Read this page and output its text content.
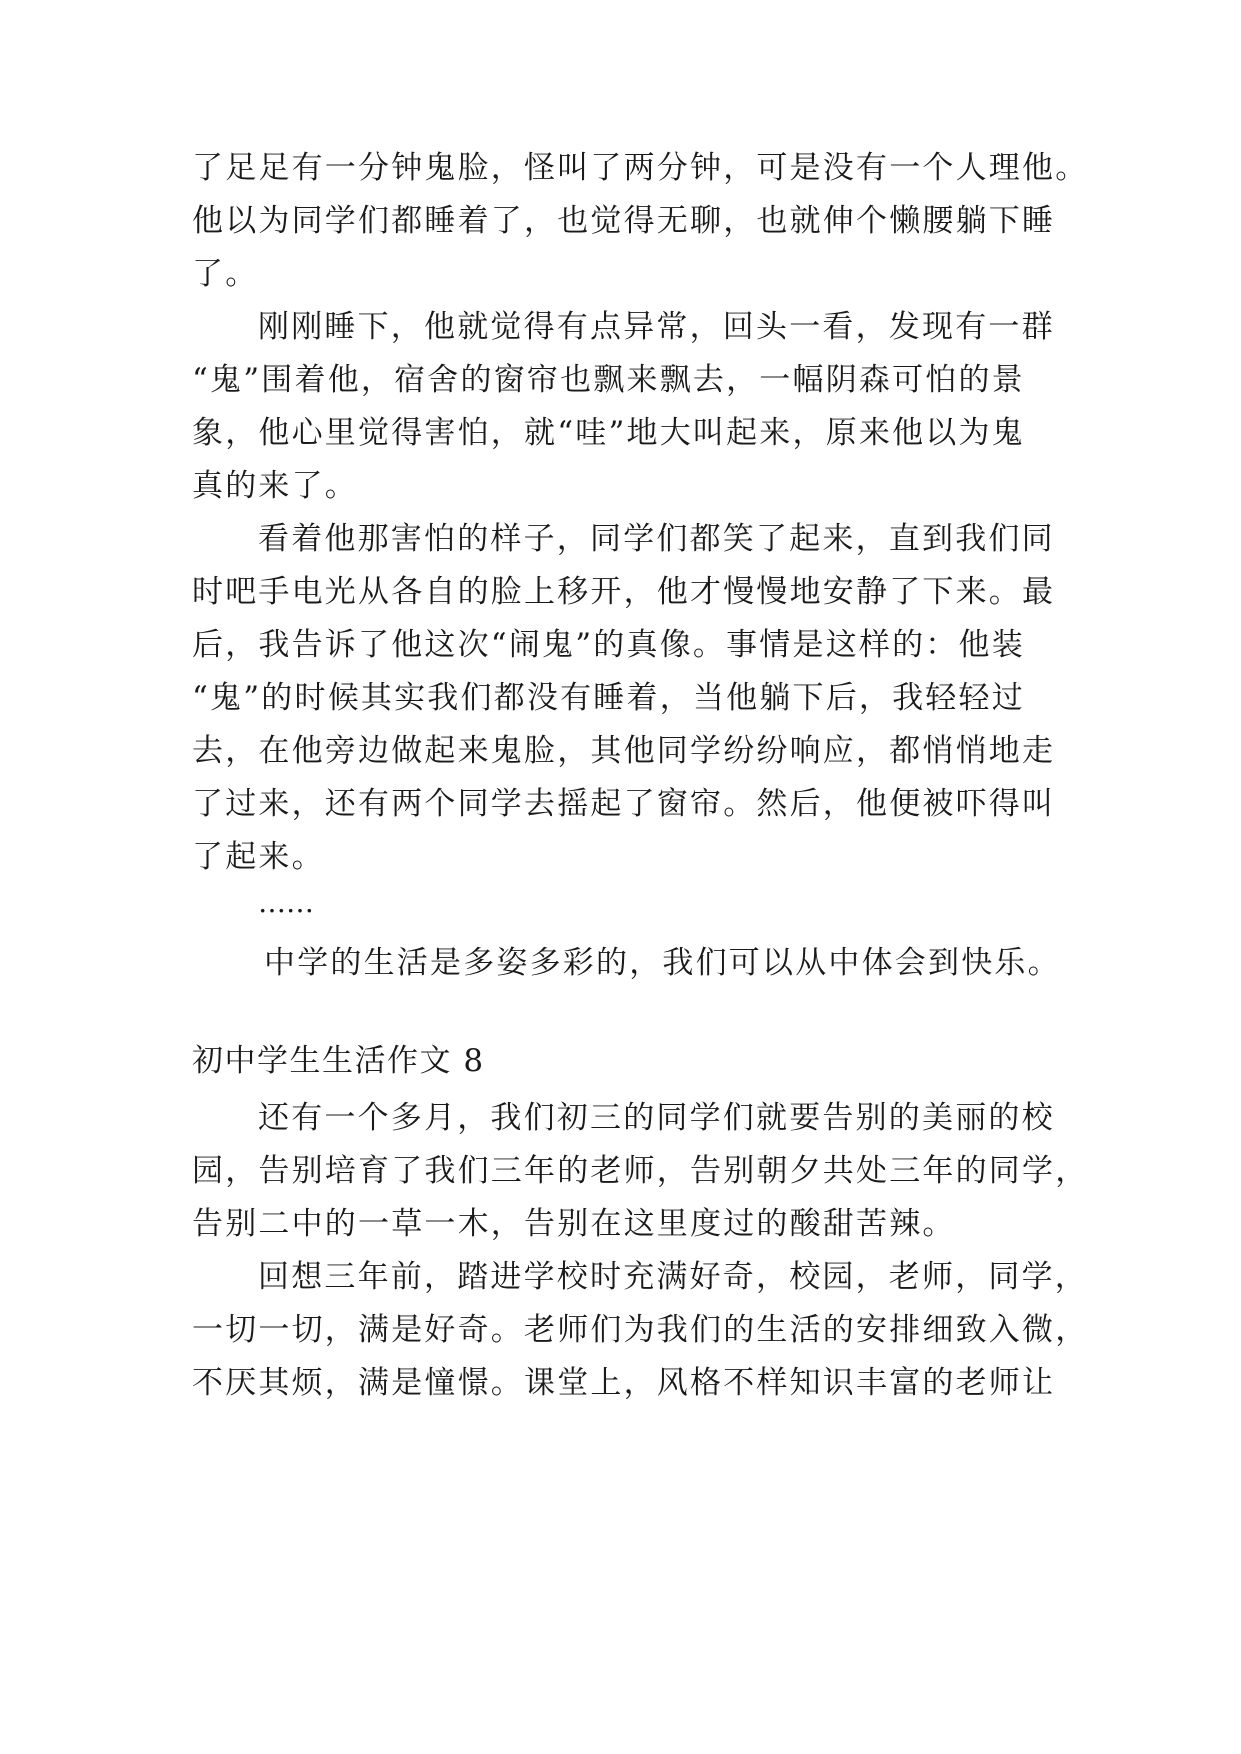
了足足有一分钟鬼脸，怪叫了两分钟，可是没有一个人理他。
他以为同学们都睡着了，也觉得无聊，也就伸个懒腰躺下睡
了。
刚刚睡下，他就觉得有点异常，回头一看，发现有一群
“鬼”围着他，宿舍的窗帘也飘来飘去，一幅阴森可怕的景
象，他心里觉得害怕，就“哇”地大叫起来，原来他以为鬼
真的来了。
看着他那害怕的样子，同学们都笑了起来，直到我们同
时吧手电光从各自的脸上移开，他才慢慢地安静了下来。最
后，我告诉了他这次“闹鬼”的真像。事情是这样的：他装
“鬼”的时候其实我们都没有睡着，当他躺下后，我轻轻过
去，在他旁边做起来鬼脸，其他同学纷纷响应，都悄悄地走
了过来，还有两个同学去摇起了窗帘。然后，他便被吓得叫
了起来。
……
中学的生活是多姿多彩的，我们可以从中体会到快乐。
初中学生生活作文 8
还有一个多月，我们初三的同学们就要告别的美丽的校
园，告别培育了我们三年的老师，告别朝夕共处三年的同学，
告别二中的一草一木，告别在这里度过的酸甜苦辣。
回想三年前，踏进学校时充满好奇，校园，老师，同学，
一切一切，满是好奇。老师们为我们的生活的安排细致入微，
不厌其烦，满是憧憬。课堂上，风格不样知识丰富的老师让
